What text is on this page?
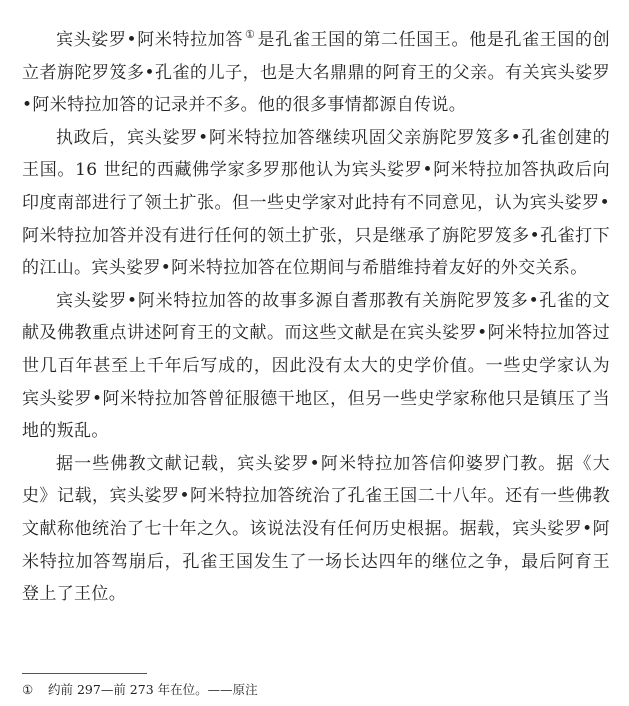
宾头娑罗•阿米特拉加答 ① 是孔雀王国的第二任国王。他是孔雀王国的创立者旃陀罗笈多•孔雀的儿子，也是大名鼎鼎的阿育王的父亲。有关宾头娑罗•阿米特拉加答的记录并不多。他的很多事情都源自传说。

执政后，宾头娑罗•阿米特拉加答继续巩固父亲旃陀罗笈多•孔雀创建的王国。16 世纪的西藏佛学家多罗那他认为宾头娑罗•阿米特拉加答执政后向印度南部进行了领土扩张。但一些史学家对此持有不同意见，认为宾头娑罗•阿米特拉加答并没有进行任何的领土扩张，只是继承了旃陀罗笈多•孔雀打下的江山。宾头娑罗•阿米特拉加答在位期间与希腊维持着友好的外交关系。

宾头娑罗•阿米特拉加答的故事多源自耆那教有关旃陀罗笈多•孔雀的文献及佛教重点讲述阿育王的文献。而这些文献是在宾头娑罗•阿米特拉加答过世几百年甚至上千年后写成的，因此没有太大的史学价值。一些史学家认为宾头娑罗•阿米特拉加答曾征服德干地区，但另一些史学家称他只是镇压了当地的叛乱。

据一些佛教文献记载，宾头娑罗•阿米特拉加答信仰婆罗门教。据《大史》记载，宾头娑罗•阿米特拉加答统治了孔雀王国二十八年。还有一些佛教文献称他统治了七十年之久。该说法没有任何历史根据。据载，宾头娑罗•阿米特拉加答驾崩后，孔雀王国发生了一场长达四年的继位之争，最后阿育王登上了王位。

① 约前 297—前 273 年在位。——原注
